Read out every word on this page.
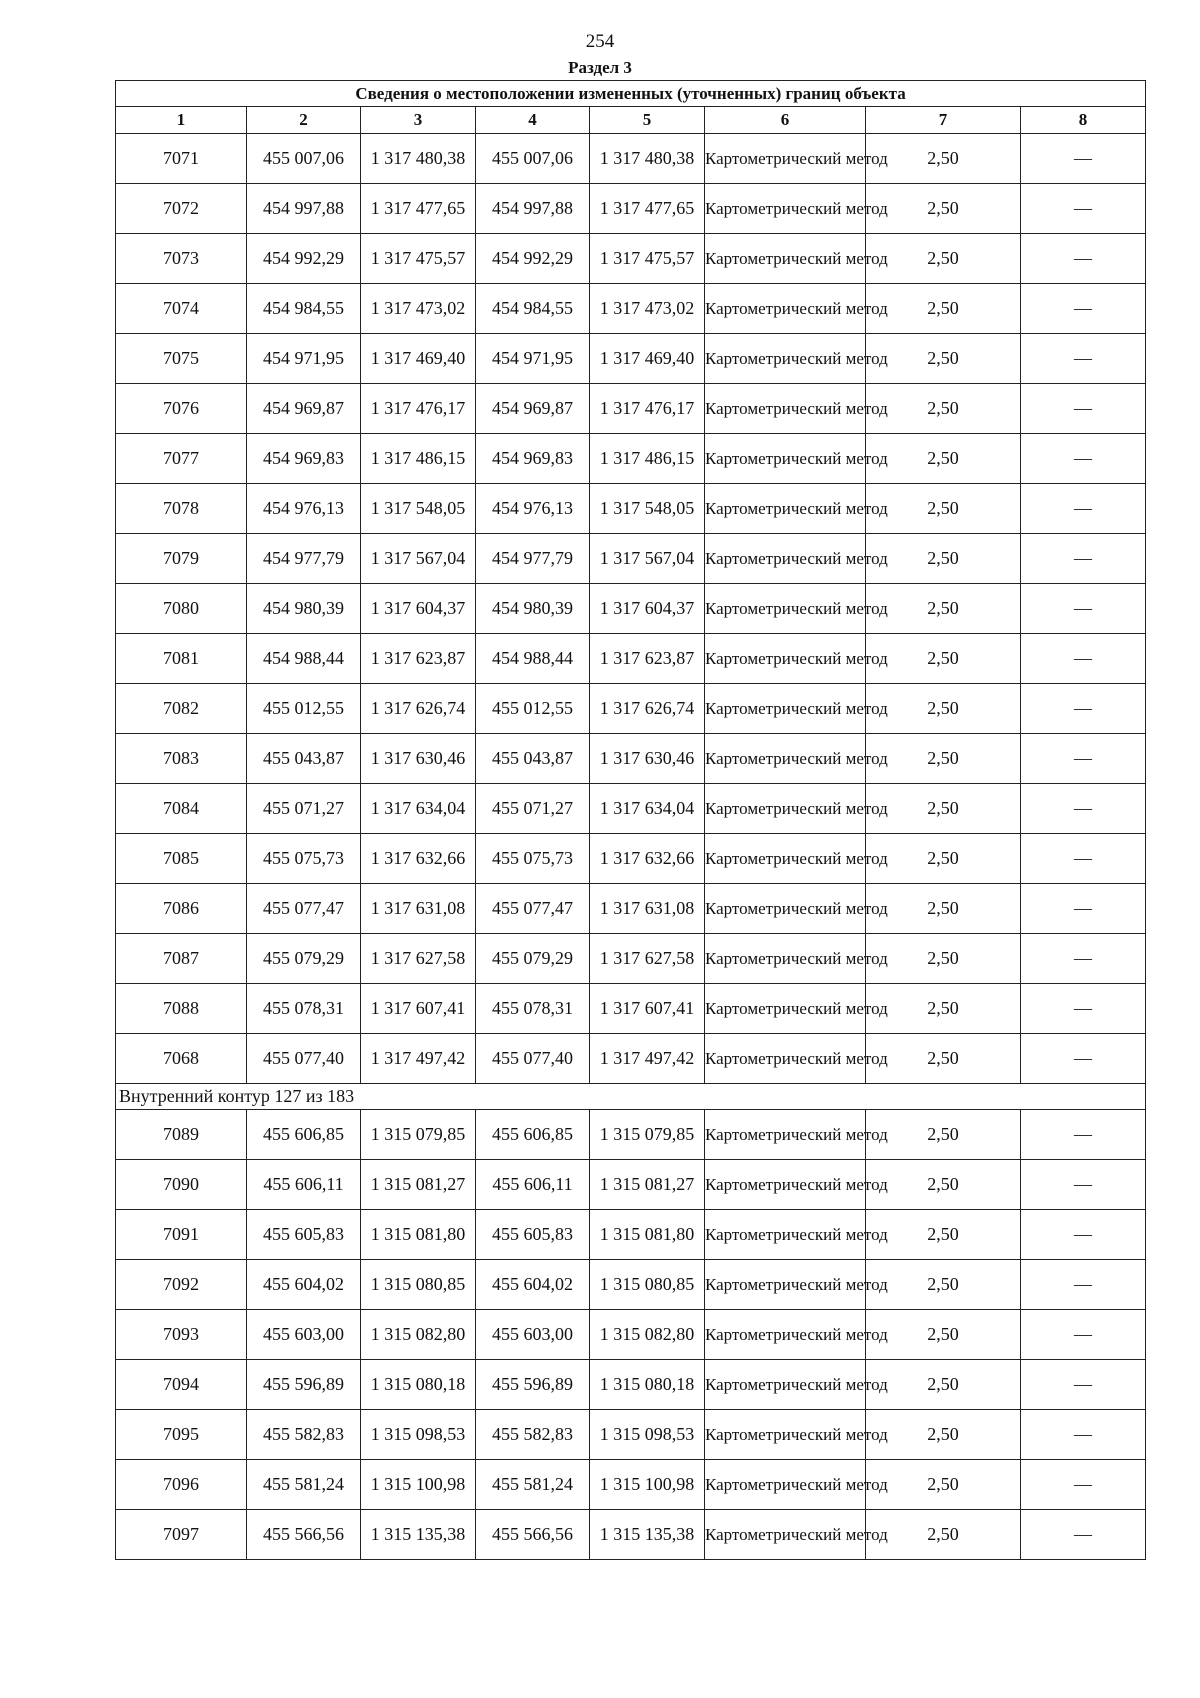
254
Раздел 3
Сведения о местоположении измененных (уточненных) границ объекта							
1	2	3	4	5	6	7	8
7071	455 007,06	1 317 480,38	455 007,06	1 317 480,38	Картометрический метод	2,50	—
7072	454 997,88	1 317 477,65	454 997,88	1 317 477,65	Картометрический метод	2,50	—
7073	454 992,29	1 317 475,57	454 992,29	1 317 475,57	Картометрический метод	2,50	—
7074	454 984,55	1 317 473,02	454 984,55	1 317 473,02	Картометрический метод	2,50	—
7075	454 971,95	1 317 469,40	454 971,95	1 317 469,40	Картометрический метод	2,50	—
7076	454 969,87	1 317 476,17	454 969,87	1 317 476,17	Картометрический метод	2,50	—
7077	454 969,83	1 317 486,15	454 969,83	1 317 486,15	Картометрический метод	2,50	—
7078	454 976,13	1 317 548,05	454 976,13	1 317 548,05	Картометрический метод	2,50	—
7079	454 977,79	1 317 567,04	454 977,79	1 317 567,04	Картометрический метод	2,50	—
7080	454 980,39	1 317 604,37	454 980,39	1 317 604,37	Картометрический метод	2,50	—
7081	454 988,44	1 317 623,87	454 988,44	1 317 623,87	Картометрический метод	2,50	—
7082	455 012,55	1 317 626,74	455 012,55	1 317 626,74	Картометрический метод	2,50	—
7083	455 043,87	1 317 630,46	455 043,87	1 317 630,46	Картометрический метод	2,50	—
7084	455 071,27	1 317 634,04	455 071,27	1 317 634,04	Картометрический метод	2,50	—
7085	455 075,73	1 317 632,66	455 075,73	1 317 632,66	Картометрический метод	2,50	—
7086	455 077,47	1 317 631,08	455 077,47	1 317 631,08	Картометрический метод	2,50	—
7087	455 079,29	1 317 627,58	455 079,29	1 317 627,58	Картометрический метод	2,50	—
7088	455 078,31	1 317 607,41	455 078,31	1 317 607,41	Картометрический метод	2,50	—
7068	455 077,40	1 317 497,42	455 077,40	1 317 497,42	Картометрический метод	2,50	—
Внутренний контур 127 из 183							
7089	455 606,85	1 315 079,85	455 606,85	1 315 079,85	Картометрический метод	2,50	—
7090	455 606,11	1 315 081,27	455 606,11	1 315 081,27	Картометрический метод	2,50	—
7091	455 605,83	1 315 081,80	455 605,83	1 315 081,80	Картометрический метод	2,50	—
7092	455 604,02	1 315 080,85	455 604,02	1 315 080,85	Картометрический метод	2,50	—
7093	455 603,00	1 315 082,80	455 603,00	1 315 082,80	Картометрический метод	2,50	—
7094	455 596,89	1 315 080,18	455 596,89	1 315 080,18	Картометрический метод	2,50	—
7095	455 582,83	1 315 098,53	455 582,83	1 315 098,53	Картометрический метод	2,50	—
7096	455 581,24	1 315 100,98	455 581,24	1 315 100,98	Картометрический метод	2,50	—
7097	455 566,56	1 315 135,38	455 566,56	1 315 135,38	Картометрический метод	2,50	—
